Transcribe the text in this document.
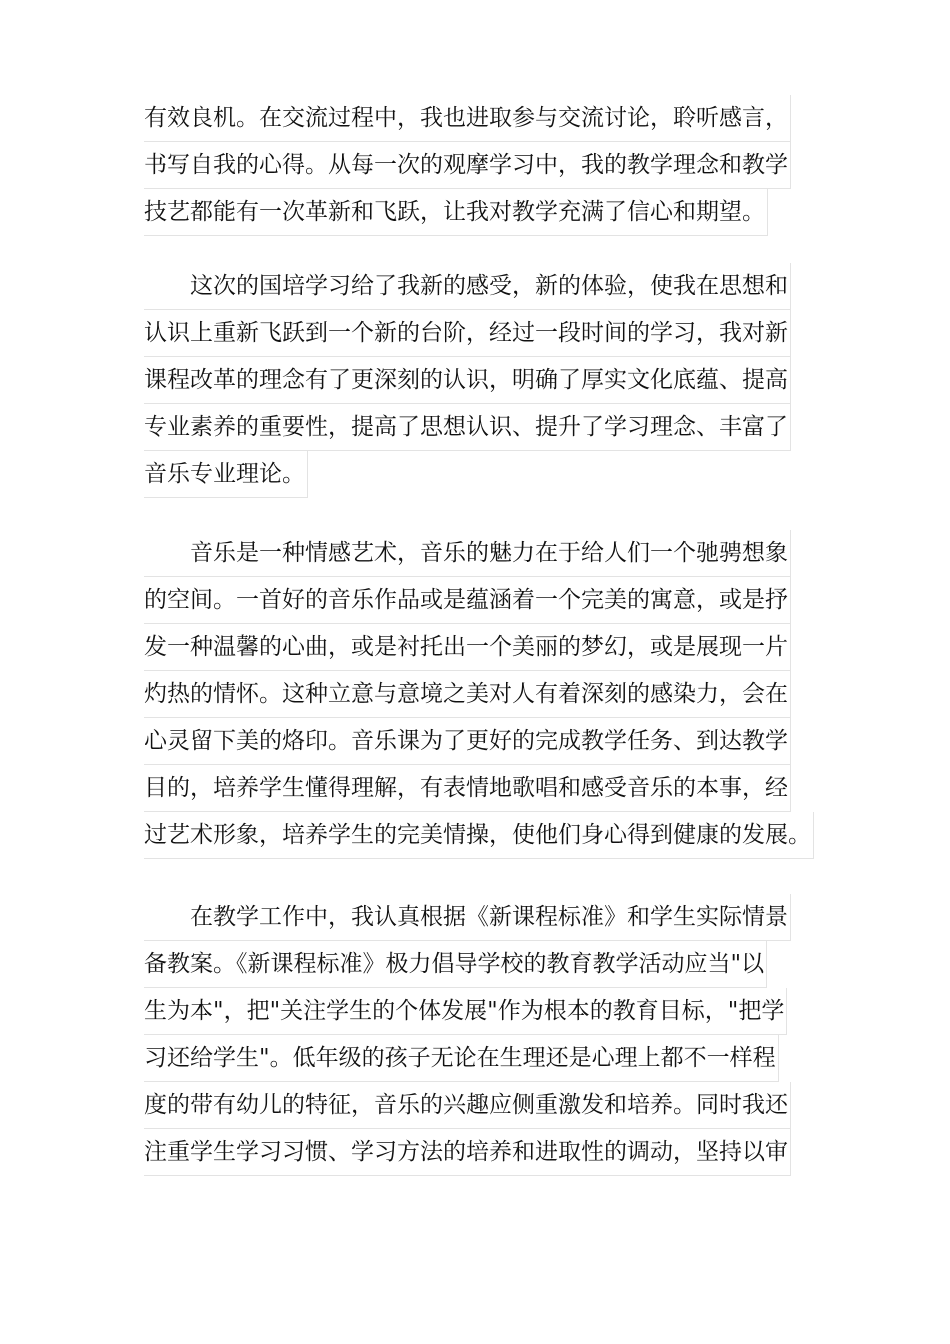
有效良机。在交流过程中，我也进取参与交流讨论，聆听感言，
书写自我的心得。从每一次的观摩学习中，我的教学理念和教学
技艺都能有一次革新和飞跃，让我对教学充满了信心和期望。
这次的国培学习给了我新的感受，新的体验，使我在思想和
认识上重新飞跃到一个新的台阶，经过一段时间的学习，我对新
课程改革的理念有了更深刻的认识，明确了厚实文化底蕴、提高
专业素养的重要性，提高了思想认识、提升了学习理念、丰富了
音乐专业理论。
音乐是一种情感艺术，音乐的魅力在于给人们一个驰骋想象
的空间。一首好的音乐作品或是蕴涵着一个完美的寓意，或是抒
发一种温馨的心曲，或是衬托出一个美丽的梦幻，或是展现一片
灼热的情怀。这种立意与意境之美对人有着深刻的感染力，会在
心灵留下美的烙印。音乐课为了更好的完成教学任务、到达教学
目的，培养学生懂得理解，有表情地歌唱和感受音乐的本事，经
过艺术形象，培养学生的完美情操，使他们身心得到健康的发展。
在教学工作中，我认真根据《新课程标准》和学生实际情景
备教案。《新课程标准》极力倡导学校的教育教学活动应当"以
生为本"，把"关注学生的个体发展"作为根本的教育目标，"把学
习还给学生"。低年级的孩子无论在生理还是心理上都不一样程
度的带有幼儿的特征，音乐的兴趣应侧重激发和培养。同时我还
注重学生学习习惯、学习方法的培养和进取性的调动，坚持以审
